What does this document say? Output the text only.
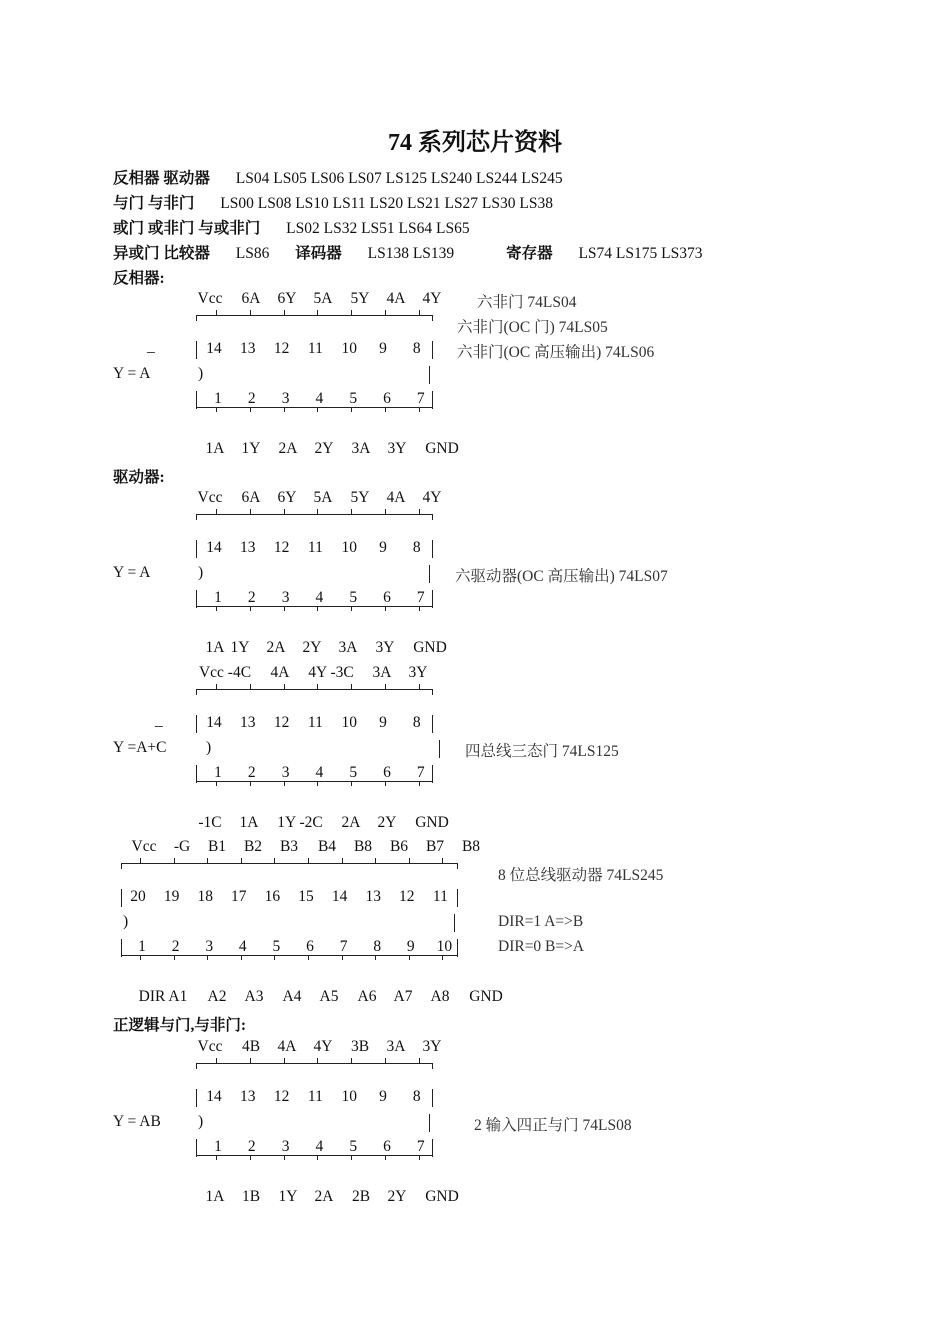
74 系列芯片资料
反相器 驱动器 LS04 LS05 LS06 LS07 LS125 LS240 LS244 LS245
与门 与非门 LS00 LS08 LS10 LS11 LS20 LS21 LS27 LS30 LS38
或门 或非门 与或非门 LS02 LS32 LS51 LS64 LS65
异或门 比较器 LS86 译码器 LS138 LS139	寄存器 LS74 LS175 LS373
反相器:
驱动器:
正逻辑与门,与非门:
Vcc 6A 6Y 5A 5Y 4A 4Y
14 13 12 11 10 9 8
)
1 2 3 4 5 6 7
1A 1Y 2A 2Y 3A 3Y GND
_
Y = A
六非门 74LS04
六非门(OC 门) 74LS05
六非门(OC 高压输出) 74LS06
Vcc 6A 6Y 5A 5Y 4A 4Y
14 13 12 11 10 9 8
)
1 2 3 4 5 6 7
1A 1Y 2A 2Y 3A 3Y GND
Y = A	六驱动器(OC 高压输出) 74LS07
Vcc -4C 4A 4Y -3C 3A 3Y
14 13 12 11 10 9 8
)
1 2 3 4 5 6 7
-1C 1A 1Y -2C 2A 2Y GND
_
Y =A+C	四总线三态门 74LS125
Vcc -G B1 B2 B3 B4 B8 B6 B7 B8
20 19 18 17 16 15 14 13 12 11
)
1 2 3 4 5 6 7 8 9 10
DIR A1 A2 A3 A4 A5 A6 A7 A8 GND
8 位总线驱动器 74LS245
DIR=1 A=>B
DIR=0 B=>A
Vcc 4B 4A 4Y 3B 3A 3Y
14 13 12 11 10 9 8
)
1 2 3 4 5 6 7
1A 1B 1Y 2A 2B 2Y GND
Y = AB	2 输入四正与门 74LS08
